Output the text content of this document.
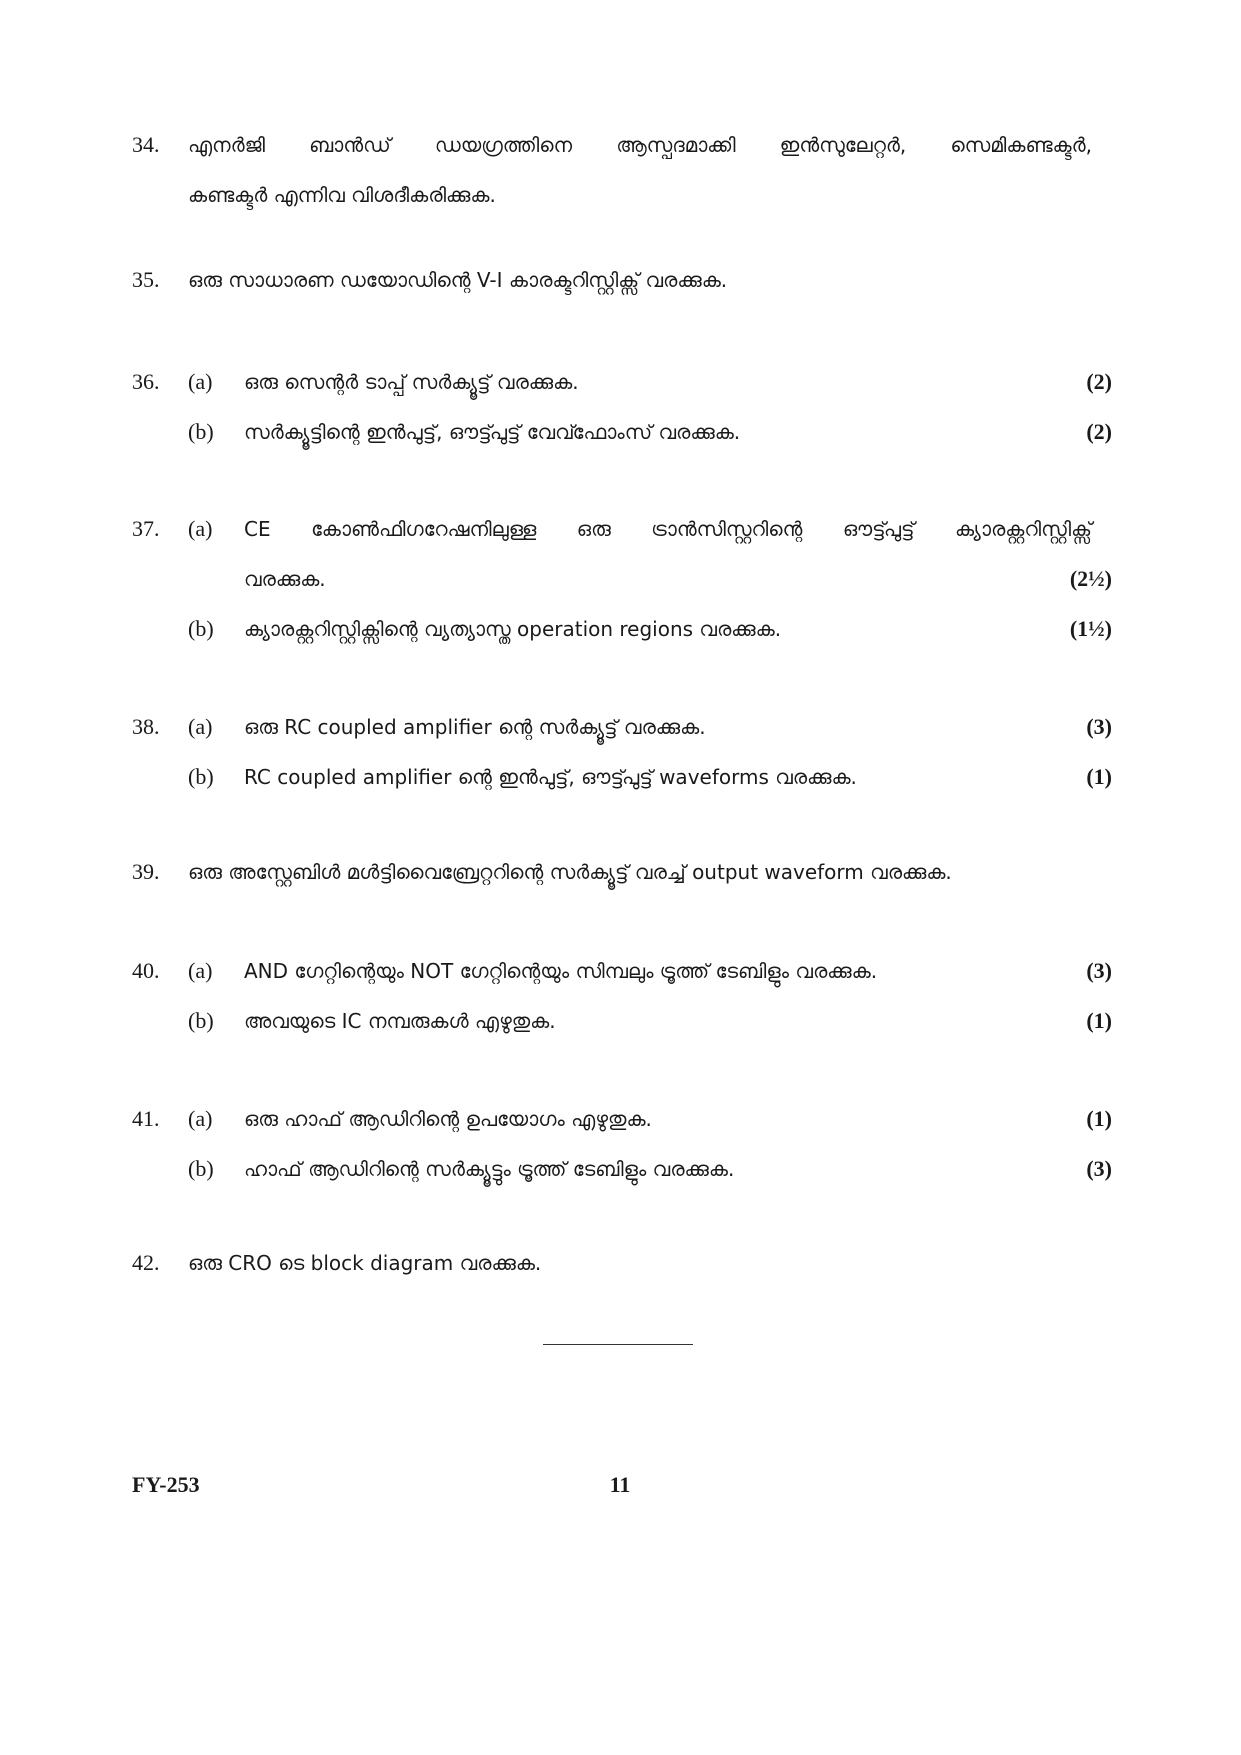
34.	എനർജി ബാൻഡ് ഡയഗ്രത്തിനെ ആസ്പദമാക്കി ഇൻസുലേറ്റർ, സെമികണ്ടക്ടർ,
കണ്ടക്ടർ എന്നിവ വിശദീകരിക്കുക.
35.	ഒരു സാധാരണ ഡയോഡിന്റെ V-I കാരക്ടറിസ്റ്റിക്സ് വരക്കുക.
36.	(a) ഒരു സെന്റർ ടാപ്പ് സർക്യൂട്ട് വരക്കുക.	(2)
(b) സർക്യൂട്ടിന്റെ ഇൻപുട്ട്, ഔട്ട്പുട്ട് വേവ്ഫോംസ് വരക്കുക.	(2)
37.	(a) CE കോൺഫിഗറേഷനിലുള്ള ഒരു ട്രാൻസിസ്റ്ററിന്റെ ഔട്ട്പുട്ട് ക്യാരക്റ്ററിസ്റ്റിക്സ്
വരക്കുക.	(2½)
(b) ക്യാരക്റ്ററിസ്റ്റിക്സിന്റെ വ്യത്യാസ്ത operation regions വരക്കുക.	(1½)
38.	(a) ഒരു RC coupled amplifier ന്റെ സർക്യൂട്ട് വരക്കുക.	(3)
(b) RC coupled amplifier ന്റെ ഇൻപുട്ട്, ഔട്ട്പുട്ട് waveforms വരക്കുക.	(1)
39.	ഒരു അസ്റ്റേബിൾ മൾട്ടിവൈബ്രേറ്ററിന്റെ സർക്യൂട്ട് വരച്ച് output waveform വരക്കുക.
40.	(a) AND ഗേറ്റിന്റെയും NOT ഗേറ്റിന്റെയും സിമ്പലും ട്രൂത്ത് ടേബിളും വരക്കുക.	(3)
(b) അവയുടെ IC നമ്പരുകൾ എഴുതുക.	(1)
41.	(a) ഒരു ഹാഫ് ആഡിറിന്റെ ഉപയോഗം എഴുതുക.	(1)
(b) ഹാഫ് ആഡിറിന്റെ സർക്യൂട്ടും ട്രൂത്ത് ടേബിളും വരക്കുക.	(3)
42.	ഒരു CRO ടെ block diagram വരക്കുക.
FY-253	11
